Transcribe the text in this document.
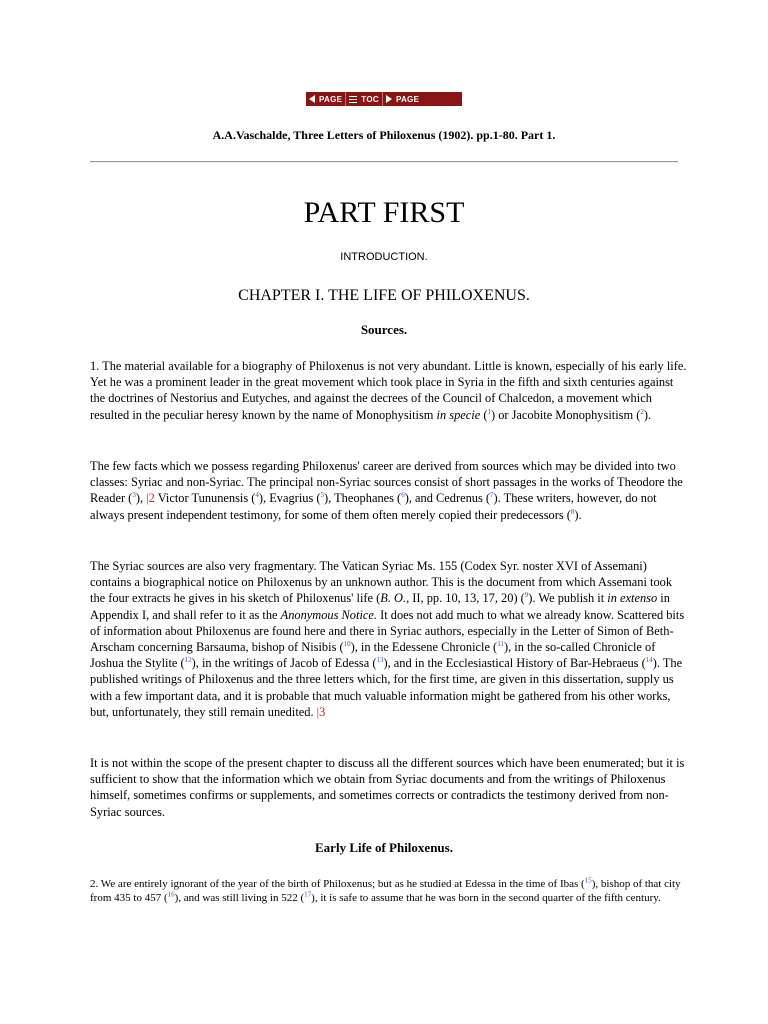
PAGE TOC PAGE
A.A.Vaschalde, Three Letters of Philoxenus (1902). pp.1-80. Part 1.
PART FIRST
INTRODUCTION.
CHAPTER I. THE LIFE OF PHILOXENUS.
Sources.

1. The material available for a biography of Philoxenus is not very abundant. Little is known, especially of his early life. Yet he was a prominent leader in the great movement which took place in Syria in the fifth and sixth centuries against the doctrines of Nestorius and Eutyches, and against the decrees of the Council of Chalcedon, a movement which resulted in the peculiar heresy known by the name of Monophysitism in specie ($^1$) or Jacobite Monophysitism ($^2$).

The few facts which we possess regarding Philoxenus' career are derived from sources which may be divided into two classes: Syriac and non-Syriac. The principal non-Syriac sources consist of short passages in the works of Theodore the Reader ($^3$), |2 Victor Tununensis ($^4$), Evagrius ($^5$), Theophanes ($^6$), and Cedrenus ($^7$). These writers, however, do not always present independent testimony, for some of them often merely copied their predecessors ($^8$).

The Syriac sources are also very fragmentary. The Vatican Syriac Ms. 155 (Codex Syr. noster XVI of Assemani) contains a biographical notice on Philoxenus by an unknown author. This is the document from which Assemani took the four extracts he gives in his sketch of Philoxenus' life (B. O., II, pp. 10, 13, 17, 20) ($^9$). We publish it in extenso in Appendix I, and shall refer to it as the Anonymous Notice. It does not add much to what we already know. Scattered bits of information about Philoxenus are found here and there in Syriac authors, especially in the Letter of Simon of Beth-Arscham concerning Barsauma, bishop of Nisibis ($^{10}$), in the Edessene Chronicle ($^{11}$), in the so-called Chronicle of Joshua the Stylite ($^{12}$), in the writings of Jacob of Edessa ($^{13}$), and in the Ecclesiastical History of Bar-Hebraeus ($^{14}$). The published writings of Philoxenus and the three letters which, for the first time, are given in this dissertation, supply us with a few important data, and it is probable that much valuable information might be gathered from his other works, but, unfortunately, they still remain unedited. |3

It is not within the scope of the present chapter to discuss all the different sources which have been enumerated; but it is sufficient to show that the information which we obtain from Syriac documents and from the writings of Philoxenus himself, sometimes confirms or supplements, and sometimes corrects or contradicts the testimony derived from non-Syriac sources.

Early Life of Philoxenus.

2. We are entirely ignorant of the year of the birth of Philoxenus; but as he studied at Edessa in the time of Ibas ($^{15}$), bishop of that city from 435 to 457 ($^{16}$), and was still living in 522 ($^{17}$), it is safe to assume that he was born in the second quarter of the fifth century.
